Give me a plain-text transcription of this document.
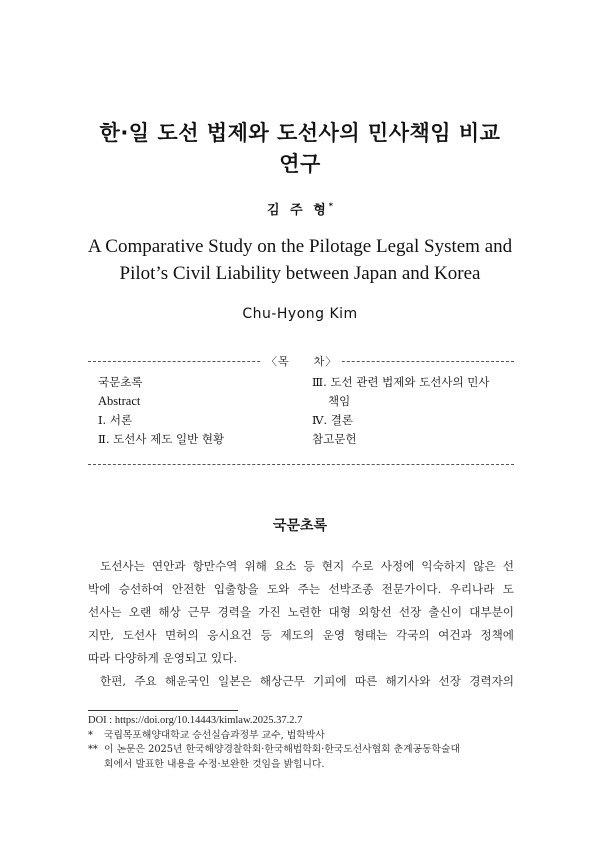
한·일 도선 법제와 도선사의 민사책임 비교
연구
김 주 형*
A Comparative Study on the Pilotage Legal System and
Pilot’s Civil Liability between Japan and Korea
Chu-Hyong Kim
〈목　　차〉
국문초록
Abstract
Ⅰ. 서론
Ⅱ. 도선사 제도 일반 현황
Ⅲ. 도선 관련 법제와 도선사의 민사
책임
Ⅳ. 결론
참고문헌
국문초록
도선사는 연안과 항만수역 위해 요소 등 현지 수로 사정에 익숙하지 않은 선
박에 승선하여 안전한 입출항을 도와 주는 선박조종 전문가이다. 우리나라 도
선사는 오랜 해상 근무 경력을 가진 노련한 대형 외항선 선장 출신이 대부분이
지만, 도선사 면허의 응시요건 등 제도의 운영 형태는 각국의 여건과 정책에
따라 다양하게 운영되고 있다.
한편, 주요 해운국인 일본은 해상근무 기피에 따른 해기사와 선장 경력자의
DOI : https://doi.org/10.14443/kimlaw.2025.37.2.7
* 국립목포해양대학교 승선실습과정부 교수, 법학박사
** 이 논문은 2025년 한국해양경찰학회·한국해법학회·한국도선사협회 춘계공동학술대
회에서 발표한 내용을 수정·보완한 것임을 밝힙니다.
